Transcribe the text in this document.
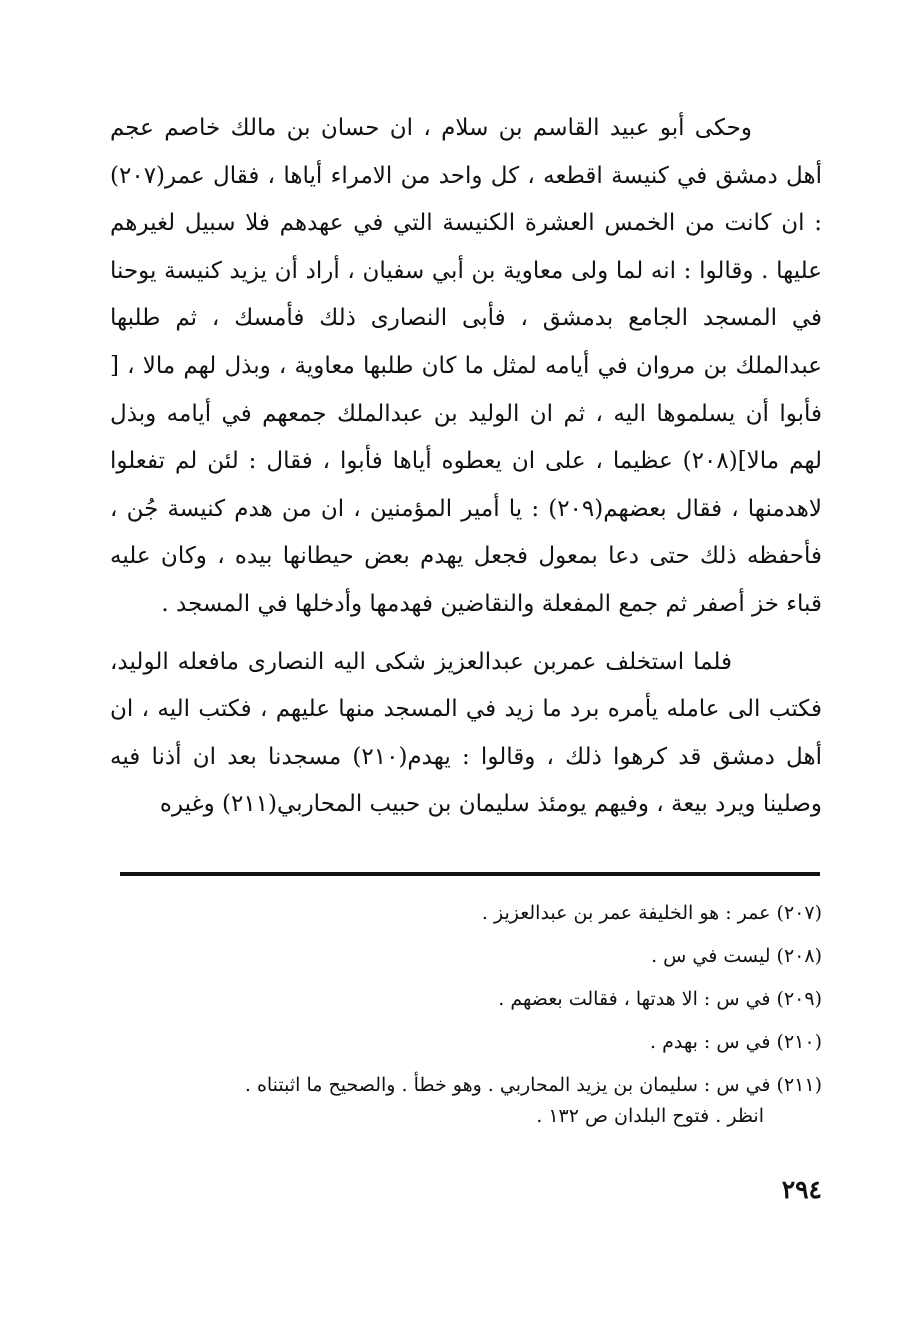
وحكى أبو عبيد القاسم بن سلام ، ان حسان بن مالك خاصم عجم أهل دمشق في كنيسة اقطعه ، كل واحد من الامراء أياها ، فقال عمر(٢٠٧) : ان كانت من الخمس العشرة الكنيسة التي في عهدهم فلا سبيل لغيرهم عليها . وقالوا : انه لما ولى معاوية بن أبي سفيان ، أراد أن يزيد كنيسة يوحنا في المسجد الجامع بدمشق ، فأبى النصارى ذلك فأمسك ، ثم طلبها عبدالملك بن مروان في أيامه لمثل ما كان طلبها معاوية ، وبذل لهم مالا ، [ فأبوا أن يسلموها اليه ، ثم ان الوليد بن عبدالملك جمعهم في أيامه وبذل لهم مالا](٢٠٨) عظيما ، على ان يعطوه أياها فأبوا ، فقال : لئن لم تفعلوا لاهدمنها ، فقال بعضهم(٢٠٩) : يا أمير المؤمنين ، ان من هدم كنيسة جُن ، فأحفظه ذلك حتى دعا بمعول فجعل يهدم بعض حيطانها بيده ، وكان عليه قباء خز أصفر ثم جمع المفعلة والنقاضين فهدمها وأدخلها في المسجد .

فلما استخلف عمربن عبدالعزيز شكى اليه النصارى مافعله الوليد، فكتب الى عامله يأمره برد ما زيد في المسجد منها عليهم ، فكتب اليه ، ان أهل دمشق قد كرهوا ذلك ، وقالوا : يهدم(٢١٠) مسجدنا بعد ان أذنا فيه وصلينا ويرد بيعة ، وفيهم يومئذ سليمان بن حبيب المحاربي(٢١١) وغيره

(٢٠٧) عمر : هو الخليفة عمر بن عبدالعزيز .

(٢٠٨) ليست في س .

(٢٠٩) في س : الا هدتها ، فقالت بعضهم .

(٢١٠) في س : بهدم .

(٢١١) في س : سليمان بن يزيد المحاربي . وهو خطأ . والصحيح ما اثبتناه .

انظر . فتوح البلدان ص ١٣٢ .

٢٩٤
